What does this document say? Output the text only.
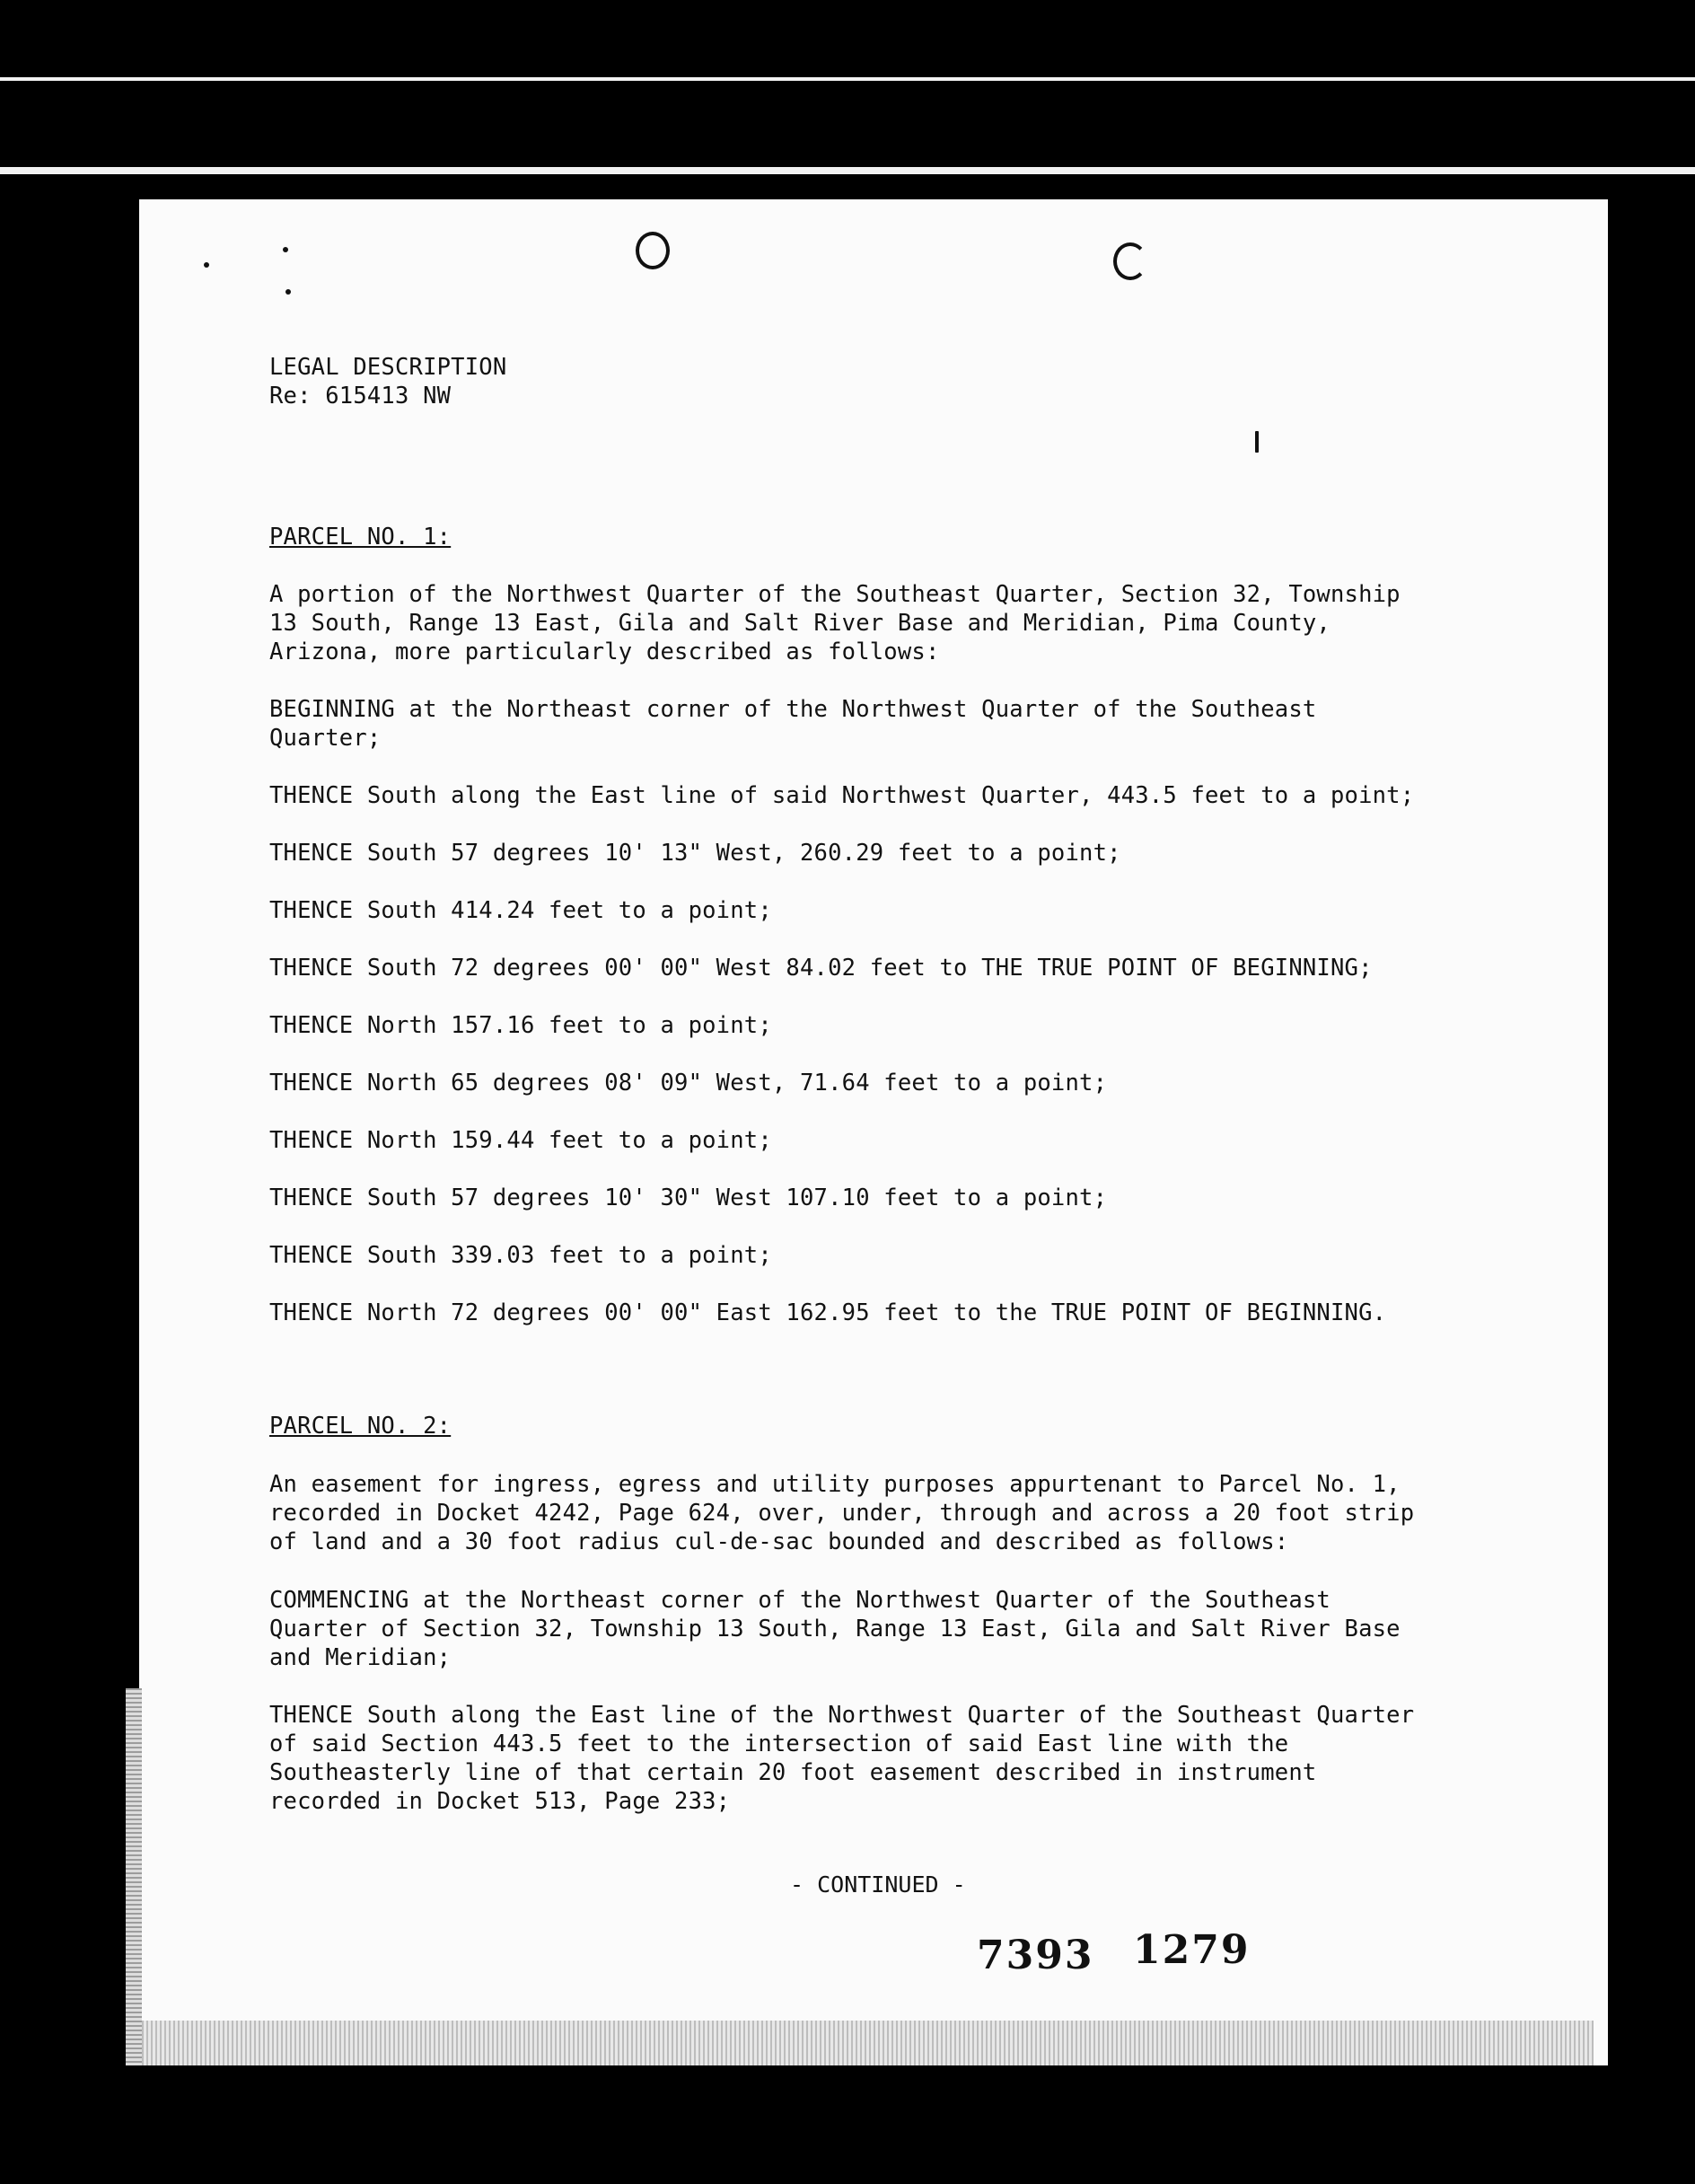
LEGAL DESCRIPTION
Re: 615413 NW
PARCEL NO. 1:
A portion of the Northwest Quarter of the Southeast Quarter, Section 32, Township
13 South, Range 13 East, Gila and Salt River Base and Meridian, Pima County,
Arizona, more particularly described as follows:
BEGINNING at the Northeast corner of the Northwest Quarter of the Southeast
Quarter;
THENCE South along the East line of said Northwest Quarter, 443.5 feet to a point;
THENCE South 57 degrees 10' 13" West, 260.29 feet to a point;
THENCE South 414.24 feet to a point;
THENCE South 72 degrees 00' 00" West 84.02 feet to THE TRUE POINT OF BEGINNING;
THENCE North 157.16 feet to a point;
THENCE North 65 degrees 08' 09" West, 71.64 feet to a point;
THENCE North 159.44 feet to a point;
THENCE South 57 degrees 10' 30" West 107.10 feet to a point;
THENCE South 339.03 feet to a point;
THENCE North 72 degrees 00' 00" East 162.95 feet to the TRUE POINT OF BEGINNING.
PARCEL NO. 2:
An easement for ingress, egress and utility purposes appurtenant to Parcel No. 1,
recorded in Docket 4242, Page 624, over, under, through and across a 20 foot strip
of land and a 30 foot radius cul-de-sac bounded and described as follows:
COMMENCING at the Northeast corner of the Northwest Quarter of the Southeast
Quarter of Section 32, Township 13 South, Range 13 East, Gila and Salt River Base
and Meridian;
THENCE South along the East line of the Northwest Quarter of the Southeast Quarter
of said Section 443.5 feet to the intersection of said East line with the
Southeasterly line of that certain 20 foot easement described in instrument
recorded in Docket 513, Page 233;
- CONTINUED -
7393 1279
